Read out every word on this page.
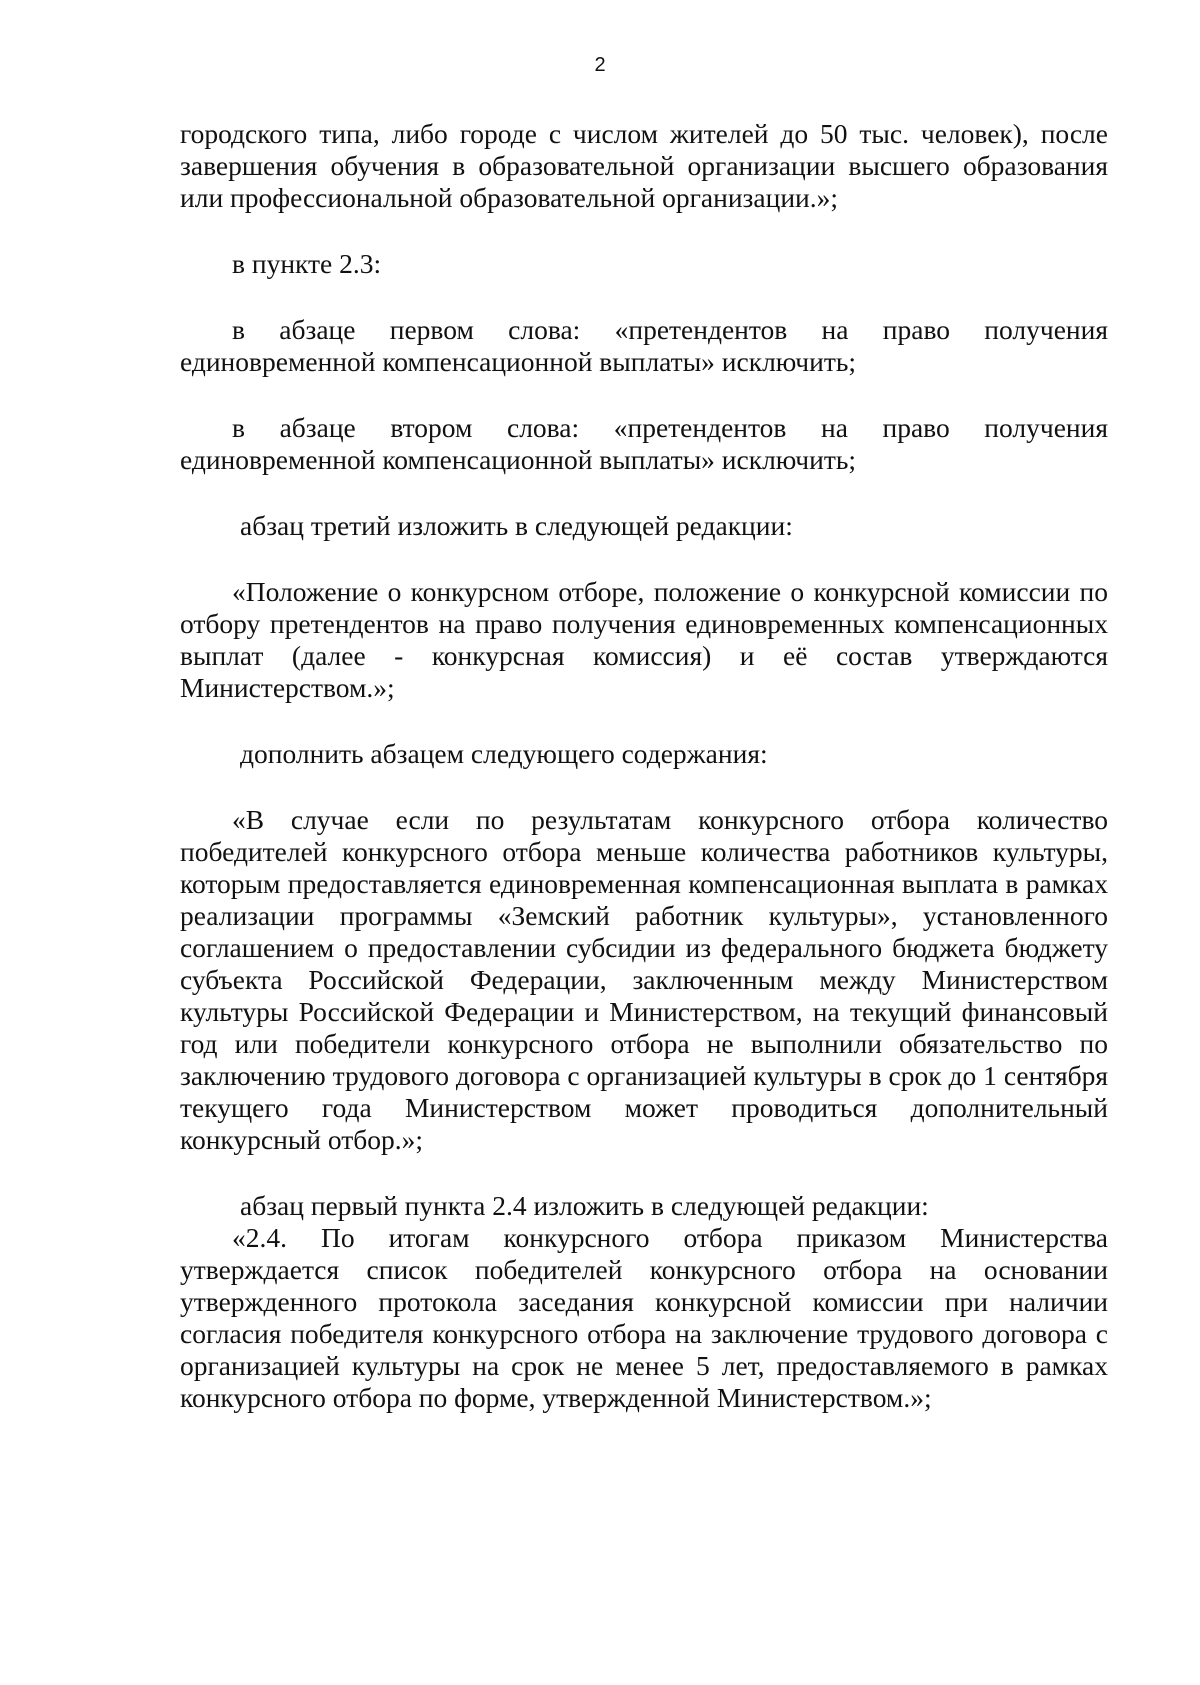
2

городского типа, либо городе с числом жителей до 50 тыс. человек), после завершения обучения в образовательной организации высшего образования или профессиональной образовательной организации.»;

в пункте 2.3:

в абзаце первом слова: «претендентов на право получения единовременной компенсационной выплаты» исключить;

в абзаце втором слова: «претендентов на право получения единовременной компенсационной выплаты» исключить;

абзац третий изложить в следующей редакции:

«Положение о конкурсном отборе, положение о конкурсной комиссии по отбору претендентов на право получения единовременных компенсационных выплат (далее - конкурсная комиссия) и её состав утверждаются Министерством.»;

дополнить абзацем следующего содержания:

«В случае если по результатам конкурсного отбора количество победителей конкурсного отбора меньше количества работников культуры, которым предоставляется единовременная компенсационная выплата в рамках реализации программы «Земский работник культуры», установленного соглашением о предоставлении субсидии из федерального бюджета бюджету субъекта Российской Федерации, заключенным между Министерством культуры Российской Федерации и Министерством, на текущий финансовый год или победители конкурсного отбора не выполнили обязательство по заключению трудового договора с организацией культуры в срок до 1 сентября текущего года Министерством может проводиться дополнительный конкурсный отбор.»;

абзац первый пункта 2.4 изложить в следующей редакции:

«2.4. По итогам конкурсного отбора приказом Министерства утверждается список победителей конкурсного отбора на основании утвержденного протокола заседания конкурсной комиссии при наличии согласия победителя конкурсного отбора на заключение трудового договора с организацией культуры на срок не менее 5 лет, предоставляемого в рамках конкурсного отбора по форме, утвержденной Министерством.»;
